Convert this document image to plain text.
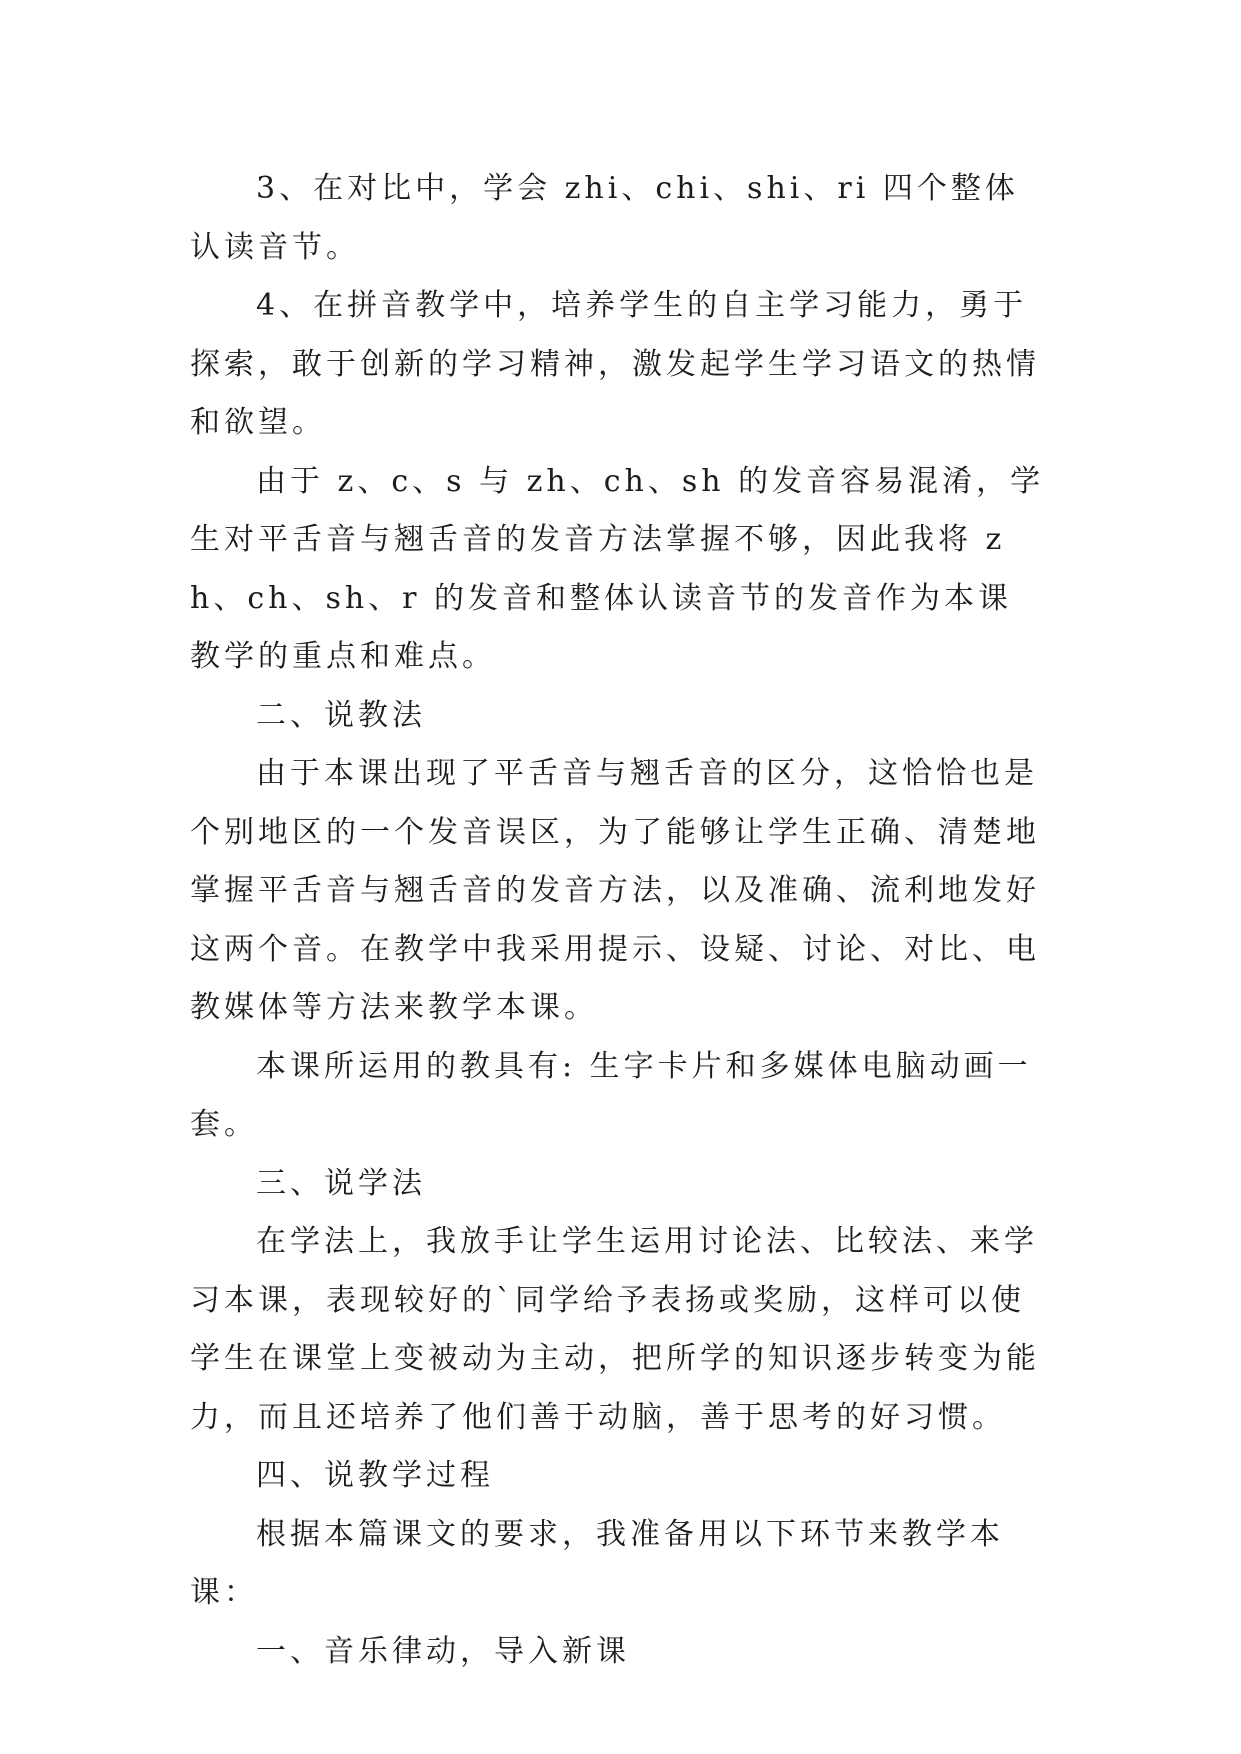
3、在对比中，学会 zhi、chi、shi、ri 四个整体认读音节。

4、在拼音教学中，培养学生的自主学习能力，勇于探索，敢于创新的学习精神，激发起学生学习语文的热情和欲望。

由于 z、c、s 与 zh、ch、sh 的发音容易混淆，学生对平舌音与翘舌音的发音方法掌握不够，因此我将 zh、ch、sh、r 的发音和整体认读音节的发音作为本课教学的重点和难点。

二、说教法

由于本课出现了平舌音与翘舌音的区分，这恰恰也是个别地区的一个发音误区，为了能够让学生正确、清楚地掌握平舌音与翘舌音的发音方法，以及准确、流利地发好这两个音。在教学中我采用提示、设疑、讨论、对比、电教媒体等方法来教学本课。

本课所运用的教具有: 生字卡片和多媒体电脑动画一套。

三、说学法

在学法上，我放手让学生运用讨论法、比较法、来学习本课，表现较好的`同学给予表扬或奖励，这样可以使学生在课堂上变被动为主动，把所学的知识逐步转变为能力，而且还培养了他们善于动脑，善于思考的好习惯。

四、说教学过程

根据本篇课文的要求，我准备用以下环节来教学本课：

一、音乐律动，导入新课
